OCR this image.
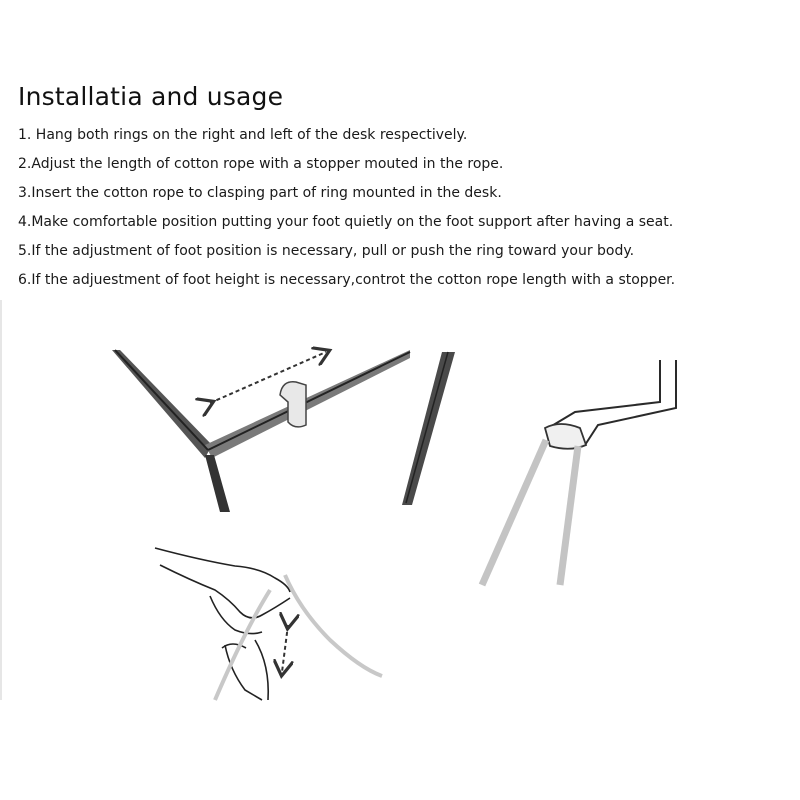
Installatia and usage
1. Hang both rings on the right and left of the desk respectively.
2.Adjust the length of cotton rope with a stopper mouted in the rope.
3.Insert the cotton rope to clasping part of ring mounted in the desk.
4.Make comfortable position putting your foot quietly on the foot support after having a seat.
5.If the adjustment of foot position is necessary, pull or push the ring toward your body.
6.If the adjuestment of foot height is necessary,controt the cotton rope length with a stopper.
